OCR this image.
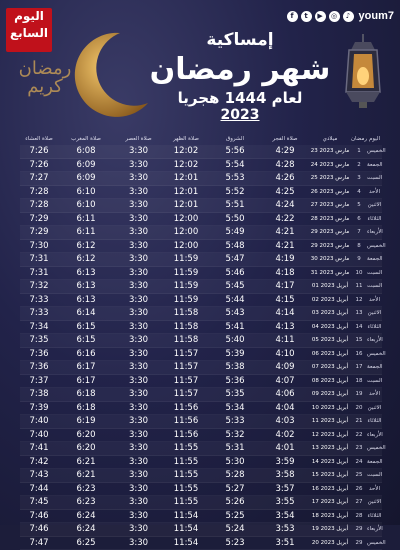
اليوم
السابع
f	t	▶	◎	♪ youm7
رمضان
كريم
إمساكية
شهر رمضان
لعام 1444 هجريا
2023
صلاة العشاء	صلاة المغرب	صلاة العصر	صلاة الظهر	الشروق	صلاة الفجر	ميلادي	رمضان اليوم
7:26	6:08	3:30	12:02	5:56	4:29	23 مارس 2023	1	الخميس
7:26	6:09	3:30	12:02	5:54	4:28	24 مارس 2023	2	الجمعة
7:27	6:09	3:30	12:01	5:53	4:26	25 مارس 2023	3	السبت
7:28	6:10	3:30	12:01	5:52	4:25	26 مارس 2023	4	الأحد
7:28	6:10	3:30	12:01	5:51	4:24	27 مارس 2023	5	الاثنين
7:29	6:11	3:30	12:00	5:50	4:22	28 مارس 2023	6	الثلاثاء
7:29	6:11	3:30	12:00	5:49	4:21	29 مارس 2023	7	الأربعاء
7:30	6:12	3:30	12:00	5:48	4:21	29 مارس 2023	8	الخميس
7:31	6:12	3:30	11:59	5:47	4:19	30 مارس 2023	9	الجمعة
7:31	6:13	3:30	11:59	5:46	4:18	31 مارس 2023	10 السبت
7:32	6:13	3:30	11:59	5:45	4:17	01 أبريل 2023	11 السبت
7:33	6:13	3:30	11:59	5:44	4:15	02 أبريل 2023	12	الأحد
7:33	6:14	3:30	11:58	5:43	4:14	03 أبريل 2023	13 الاثنين
7:34	6:15	3:30	11:58	5:41	4:13	04 أبريل 2023	14 الثلاثاء
7:35	6:15	3:30	11:58	5:40	4:11	05 أبريل 2023	15 الأربعاء
7:36	6:16	3:30	11:57	5:39	4:10	06 أبريل 2023	16 الخميس
7:36	6:17	3:30	11:57	5:38	4:09	07 أبريل 2023	17 الجمعة
7:37	6:17	3:30	11:57	5:36	4:07	08 أبريل 2023	18 السبت
7:38	6:18	3:30	11:57	5:35	4:06	09 أبريل 2023	19	الأحد
7:39	6:18	3:30	11:56	5:34	4:04	10 أبريل 2023	20 الاثنين
7:40	6:19	3:30	11:56	5:33	4:03	11 أبريل 2023	21 الثلاثاء
7:40	6:20	3:30	11:56	5:32	4:02	12 أبريل 2023	22 الأربعاء
7:41	6:20	3:30	11:55	5:31	4:01	13 أبريل 2023	23 الخميس
7:42	6:21	3:30	11:55	5:30	3:59	14 أبريل 2023	24 الجمعة
7:43	6:21	3:30	11:55	5:28	3:58	15 أبريل 2023	25 السبت
7:44	6:23	3:30	11:55	5:27	3:57	16 أبريل 2023	26	الأحد
7:45	6:23	3:30	11:55	5:26	3:55	17 أبريل 2023	27 الاثنين
7:46	6:24	3:30	11:54	5:25	3:54	18 أبريل 2023	28 الثلاثاء
7:46	6:24	3:30	11:54	5:24	3:53	19 أبريل 2023	29 الأربعاء
7:47	6:25	3:30	11:54	5:23	3:51	20 أبريل 2023	29 الخميس
